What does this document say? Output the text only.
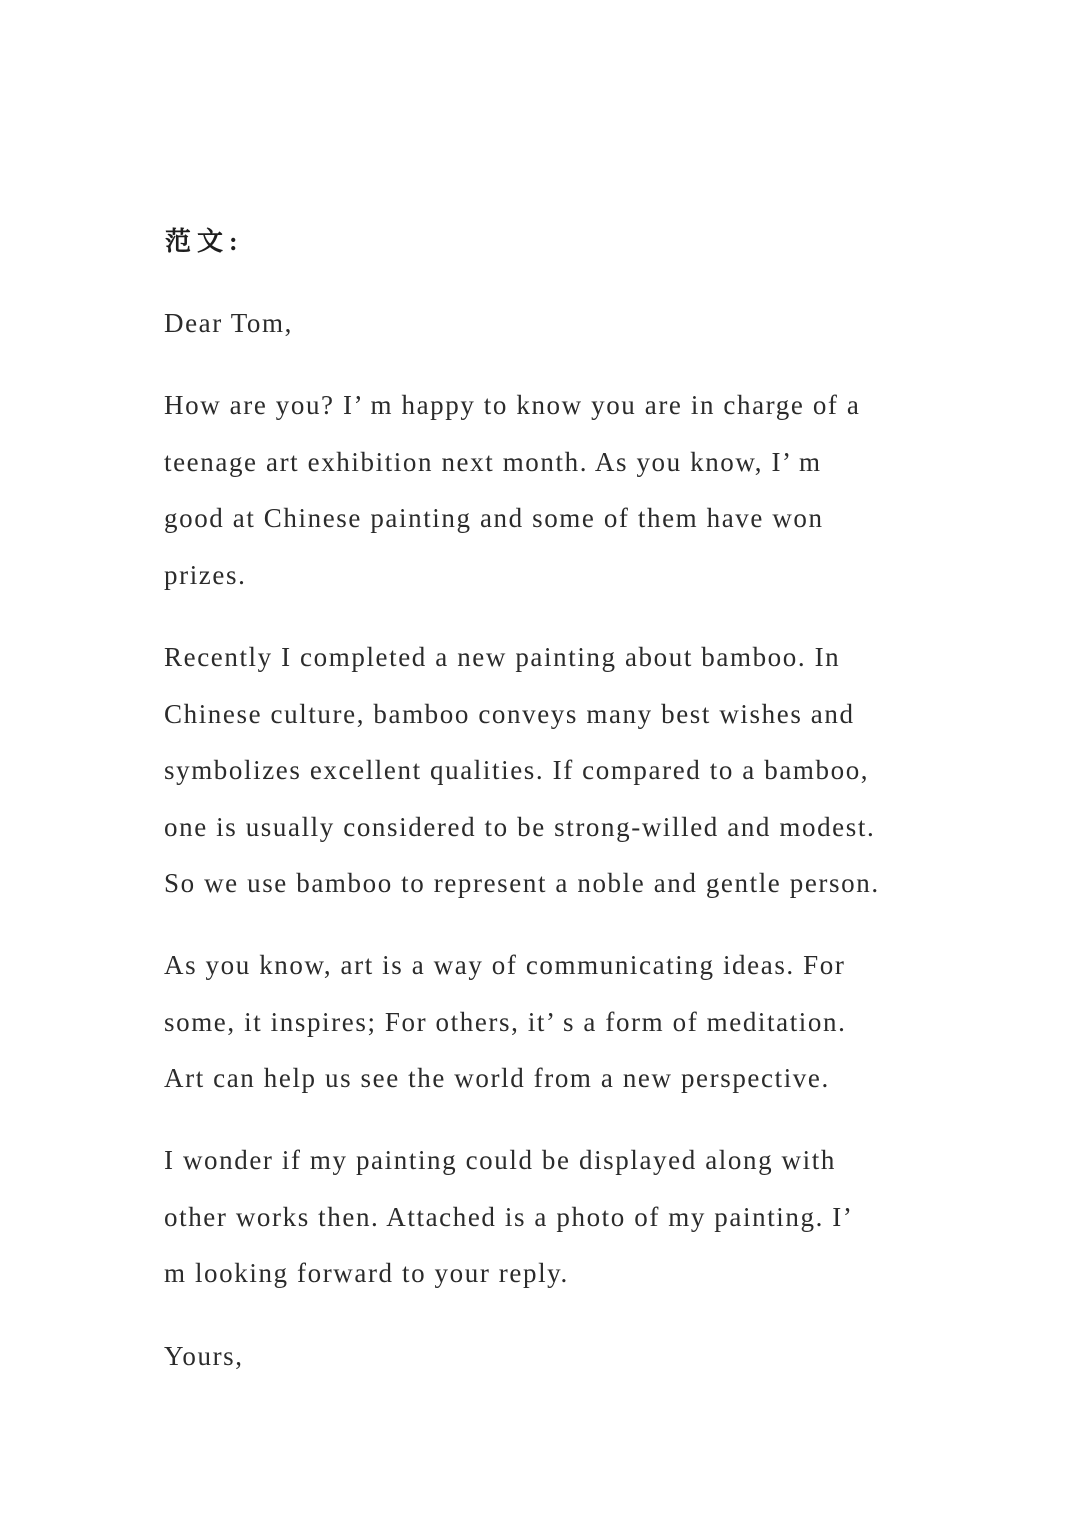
范文:

Dear Tom,

How are you? I’ m happy to know you are in charge of a
teenage art exhibition next month. As you know, I’ m
good at Chinese painting and some of them have won
prizes.
Recently I completed a new painting about bamboo. In
Chinese culture, bamboo conveys many best wishes and
symbolizes excellent qualities. If compared to a bamboo,
one is usually considered to be strong-willed and modest.
So we use bamboo to represent a noble and gentle person.
As you know, art is a way of communicating ideas. For
some, it inspires; For others, it’ s a form of meditation.
Art can help us see the world from a new perspective.
I wonder if my painting could be displayed along with
other works then. Attached is a photo of my painting. I’
m looking forward to your reply.

Yours,
